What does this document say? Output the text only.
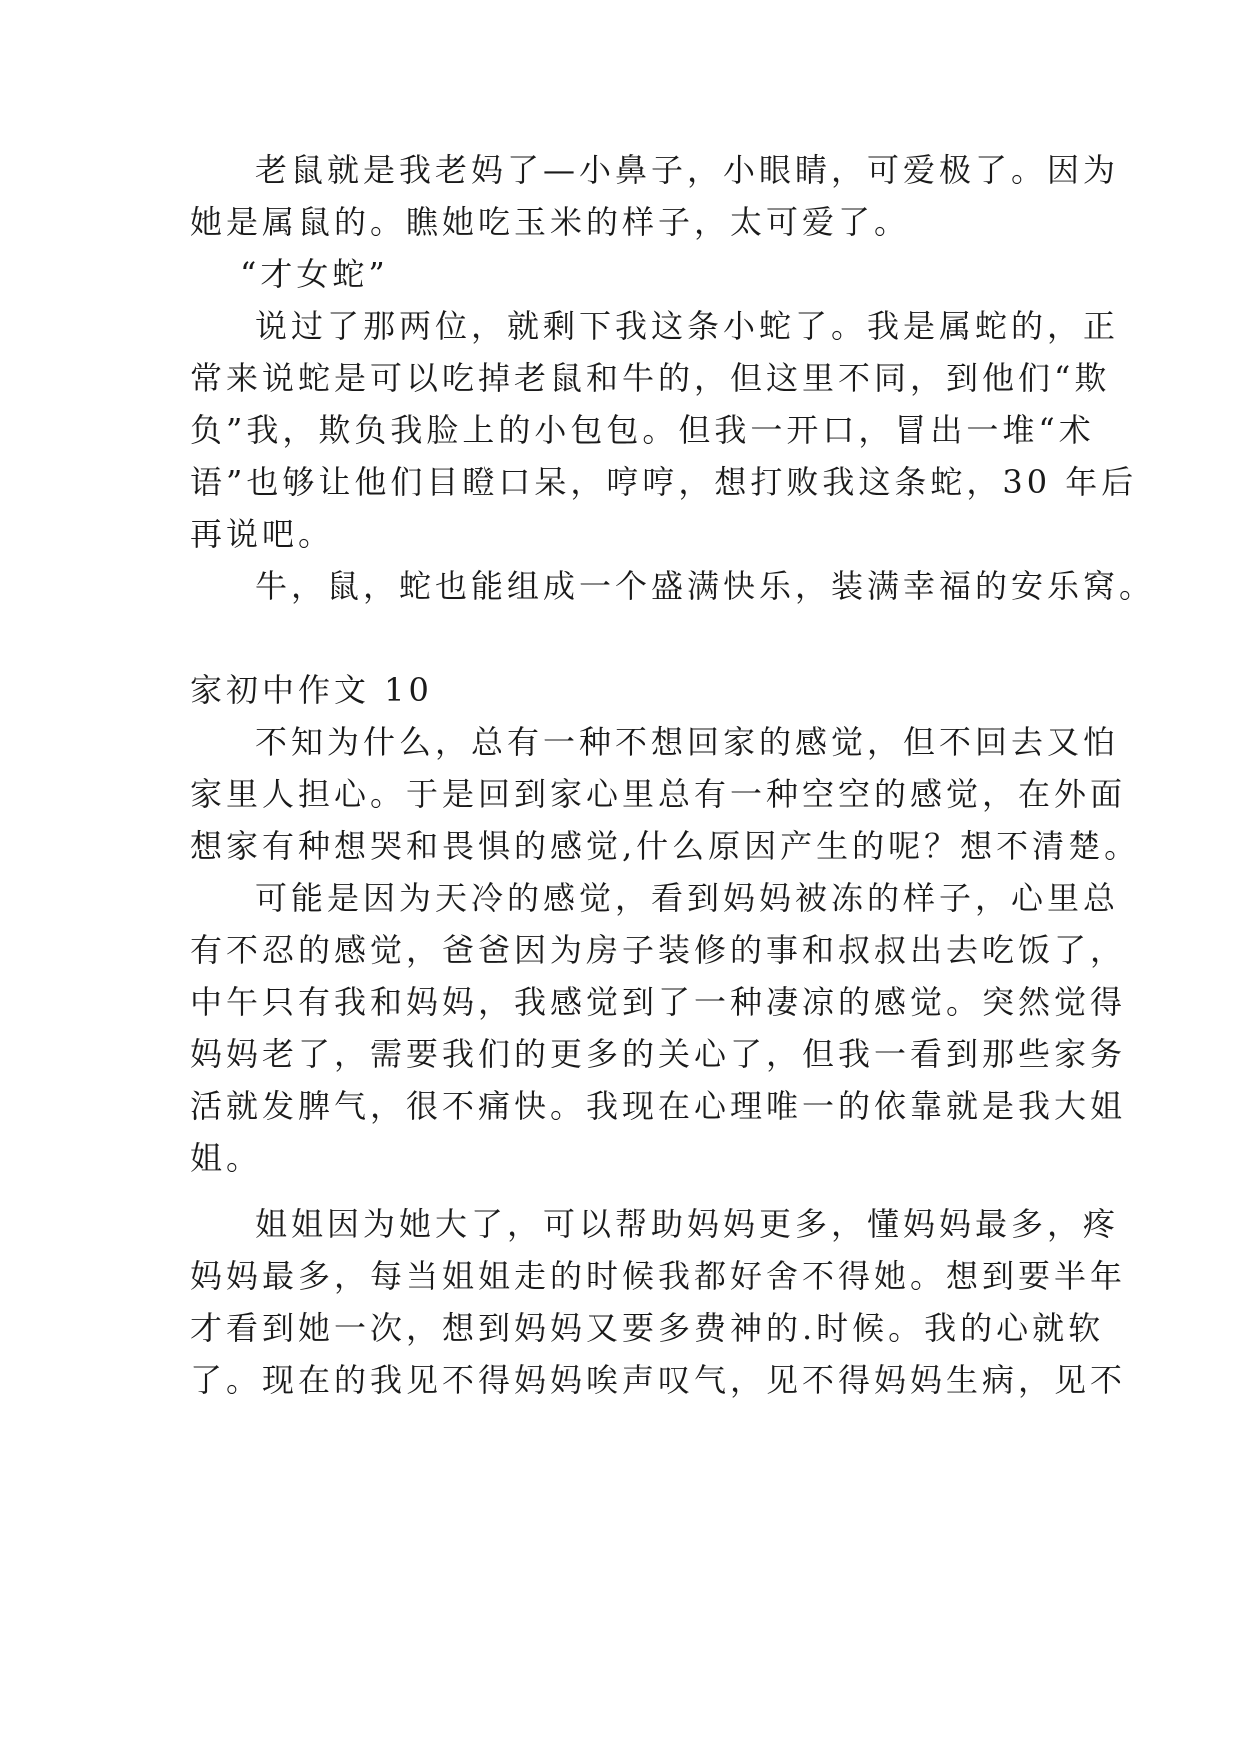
老鼠就是我老妈了—小鼻子，小眼睛，可爱极了。因为
她是属鼠的。瞧她吃玉米的样子，太可爱了。
“才女蛇”
说过了那两位，就剩下我这条小蛇了。我是属蛇的，正
常来说蛇是可以吃掉老鼠和牛的，但这里不同，到他们“欺
负”我，欺负我脸上的小包包。但我一开口，冒出一堆“术
语”也够让他们目瞪口呆，哼哼，想打败我这条蛇，30 年后
再说吧。
牛，鼠，蛇也能组成一个盛满快乐，装满幸福的安乐窝。
家初中作文 10
不知为什么，总有一种不想回家的感觉，但不回去又怕
家里人担心。于是回到家心里总有一种空空的感觉，在外面
想家有种想哭和畏惧的感觉,什么原因产生的呢？想不清楚。
可能是因为天冷的感觉，看到妈妈被冻的样子，心里总
有不忍的感觉，爸爸因为房子装修的事和叔叔出去吃饭了，
中午只有我和妈妈，我感觉到了一种凄凉的感觉。突然觉得
妈妈老了，需要我们的更多的关心了，但我一看到那些家务
活就发脾气，很不痛快。我现在心理唯一的依靠就是我大姐
姐。
姐姐因为她大了，可以帮助妈妈更多，懂妈妈最多，疼
妈妈最多，每当姐姐走的时候我都好舍不得她。想到要半年
才看到她一次，想到妈妈又要多费神的.时候。我的心就软
了。现在的我见不得妈妈唉声叹气，见不得妈妈生病，见不
